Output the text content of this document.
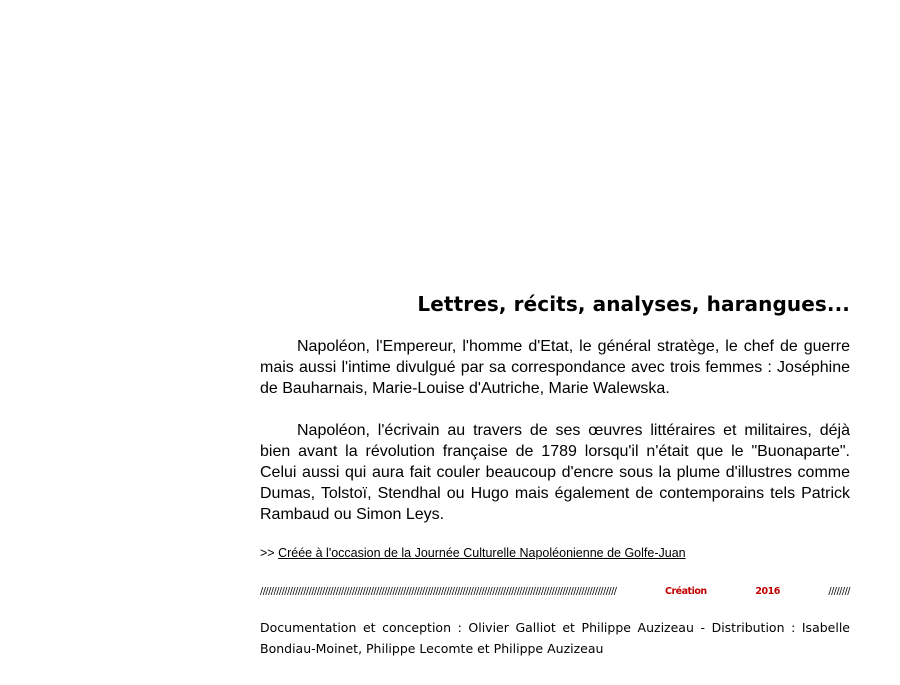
Lettres, récits, analyses, harangues...

Napoléon, l'Empereur, l'homme d'Etat, le général stratège, le chef de guerre mais aussi l'intime divulgué par sa correspondance avec trois femmes : Joséphine de Bauharnais, Marie-Louise d'Autriche, Marie Walewska.

Napoléon, l'écrivain au travers de ses œuvres littéraires et militaires, déjà bien avant la révolution française de 1789 lorsqu'il n'était que le "Buonaparte". Celui aussi qui aura fait couler beaucoup d'encre sous la plume d'illustres comme Dumas, Tolstoï, Stendhal ou Hugo mais également de contemporains tels Patrick Rambaud ou Simon Leys.

>> Créée à l'occasion de la Journée Culturelle Napoléonienne de Golfe-Juan

////////////////////////////////////////////////////////////////////////////////////////////////////////////////////////////////////	Création 2016	////////
Documentation et conception : Olivier Galliot et Philippe Auzizeau - Distribution : Isabelle Bondiau-Moinet, Philippe Lecomte et Philippe Auzizeau
